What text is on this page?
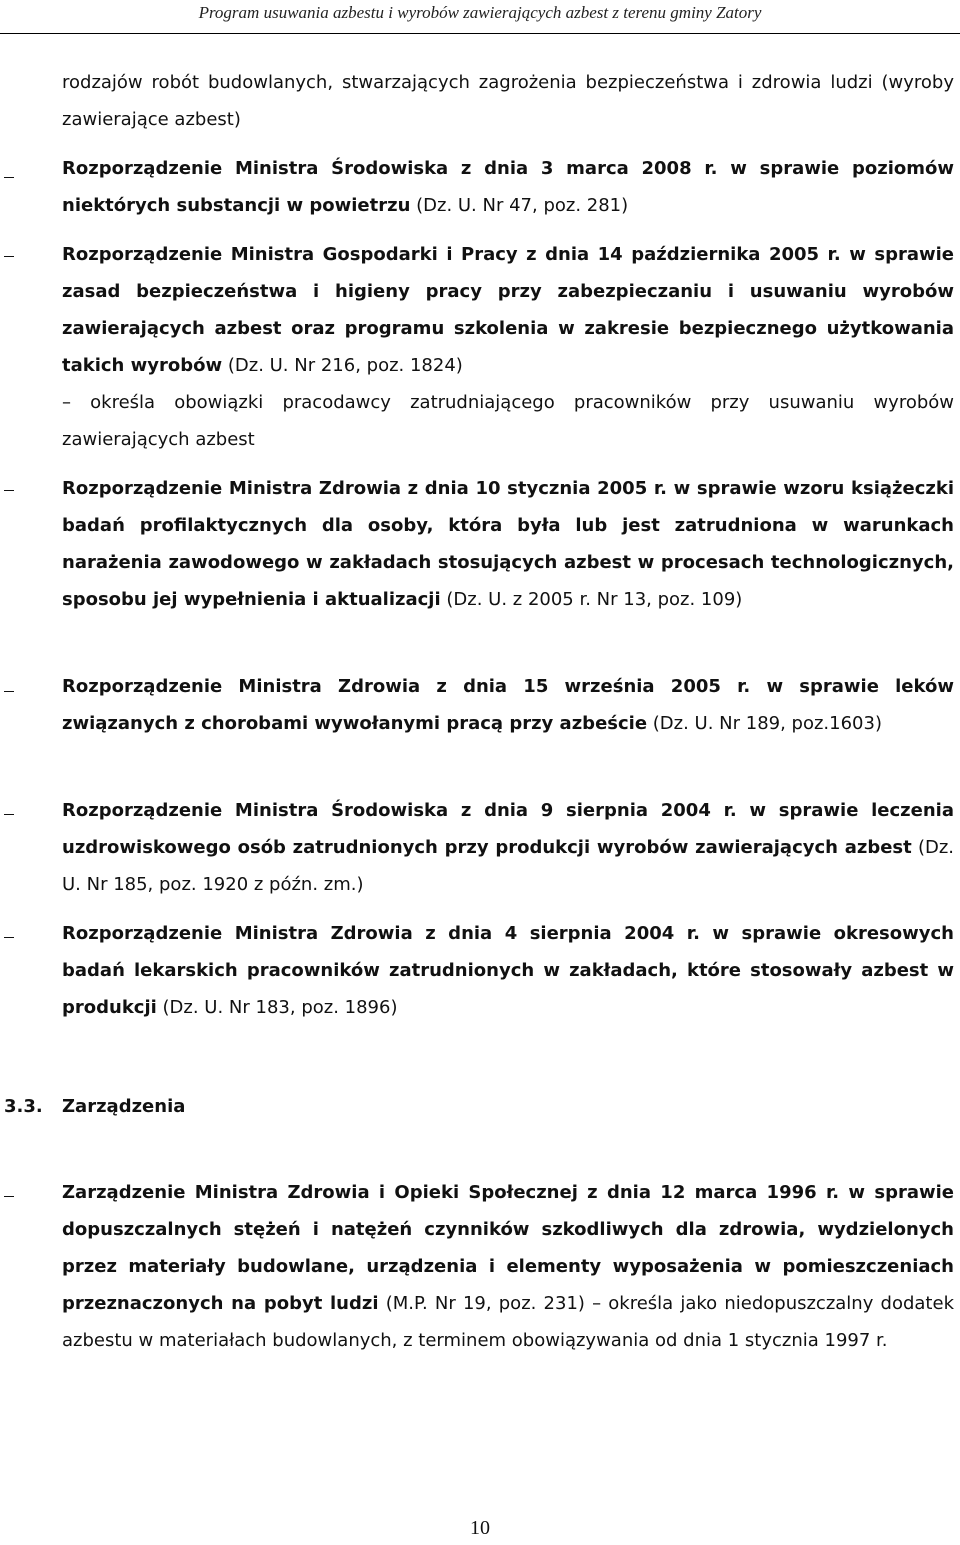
Program usuwania azbestu i wyrobów zawierających azbest z terenu gminy Zatory

rodzajów robót budowlanych, stwarzających zagrożenia bezpieczeństwa i zdrowia ludzi (wyroby zawierające azbest)

Rozporządzenie Ministra Środowiska z dnia 3 marca 2008 r. w sprawie poziomów niektórych substancji w powietrzu (Dz. U. Nr 47, poz. 281)

Rozporządzenie Ministra Gospodarki i Pracy z dnia 14 października 2005 r. w sprawie zasad bezpieczeństwa i higieny pracy przy zabezpieczaniu i usuwaniu wyrobów zawierających azbest oraz programu szkolenia w zakresie bezpiecznego użytkowania takich wyrobów (Dz. U. Nr 216, poz. 1824)
– określa obowiązki pracodawcy zatrudniającego pracowników przy usuwaniu wyrobów zawierających azbest

Rozporządzenie Ministra Zdrowia z dnia 10 stycznia 2005 r. w sprawie wzoru książeczki badań profilaktycznych dla osoby, która była lub jest zatrudniona w warunkach narażenia zawodowego w zakładach stosujących azbest w procesach technologicznych, sposobu jej wypełnienia i aktualizacji (Dz. U. z 2005 r. Nr 13, poz. 109)

Rozporządzenie Ministra Zdrowia z dnia 15 września 2005 r. w sprawie leków związanych z chorobami wywołanymi pracą przy azbeście (Dz. U. Nr 189, poz.1603)

Rozporządzenie Ministra Środowiska z dnia 9 sierpnia 2004 r. w sprawie leczenia uzdrowiskowego osób zatrudnionych przy produkcji wyrobów zawierających azbest (Dz. U. Nr 185, poz. 1920 z późn. zm.)

Rozporządzenie Ministra Zdrowia z dnia 4 sierpnia 2004 r. w sprawie okresowych badań lekarskich pracowników zatrudnionych w zakładach, które stosowały azbest w produkcji (Dz. U. Nr 183, poz. 1896)

3.3. Zarządzenia

Zarządzenie Ministra Zdrowia i Opieki Społecznej z dnia 12 marca 1996 r. w sprawie dopuszczalnych stężeń i natężeń czynników szkodliwych dla zdrowia, wydzielonych przez materiały budowlane, urządzenia i elementy wyposażenia w pomieszczeniach przeznaczonych na pobyt ludzi (M.P. Nr 19, poz. 231) – określa jako niedopuszczalny dodatek azbestu w materiałach budowlanych, z terminem obowiązywania od dnia 1 stycznia 1997 r.

10
